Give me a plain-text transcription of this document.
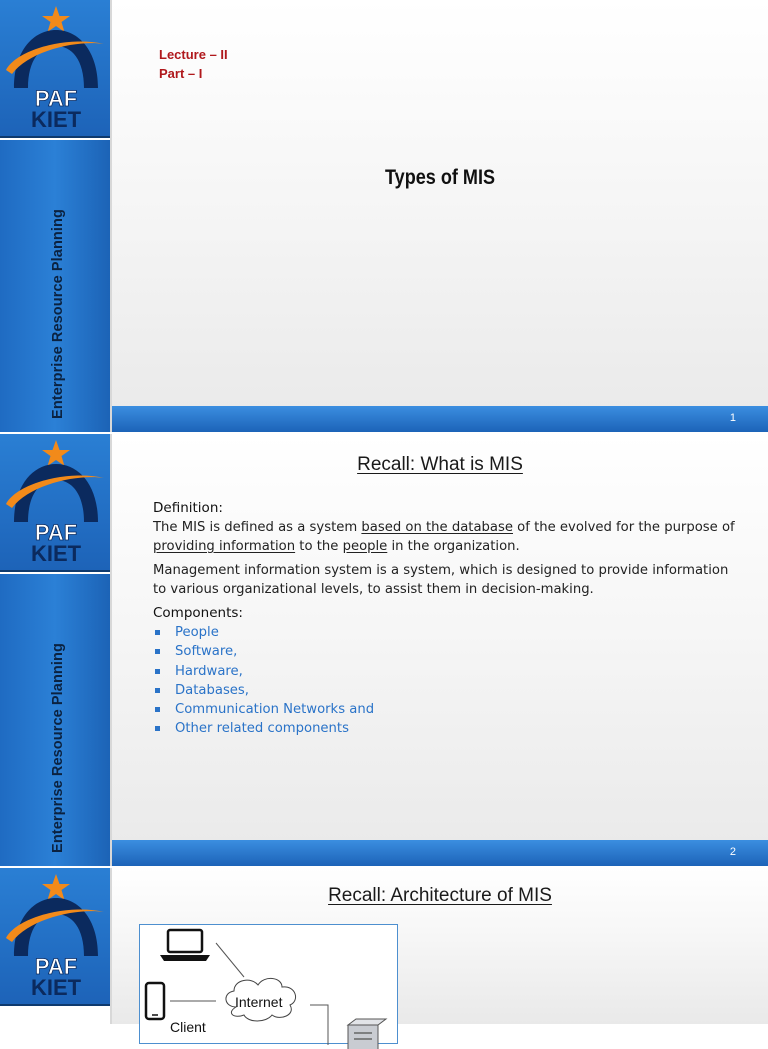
PAF
KIET
Enterprise Resource Planning
Lecture – II
Part – I
Types of MIS
1
PAF
KIET
Enterprise Resource Planning
Recall: What is MIS
Definition:

The MIS is defined as a system based on the database of the evolved for the purpose of providing information to the people in the organization.

Management information system is a system, which is designed to provide information to various organizational levels, to assist them in decision-making.

Components:
People
Software,
Hardware,
Databases,
Communication Networks and
Other related components
2
PAF
KIET
Recall: Architecture of MIS
Internet
Client
